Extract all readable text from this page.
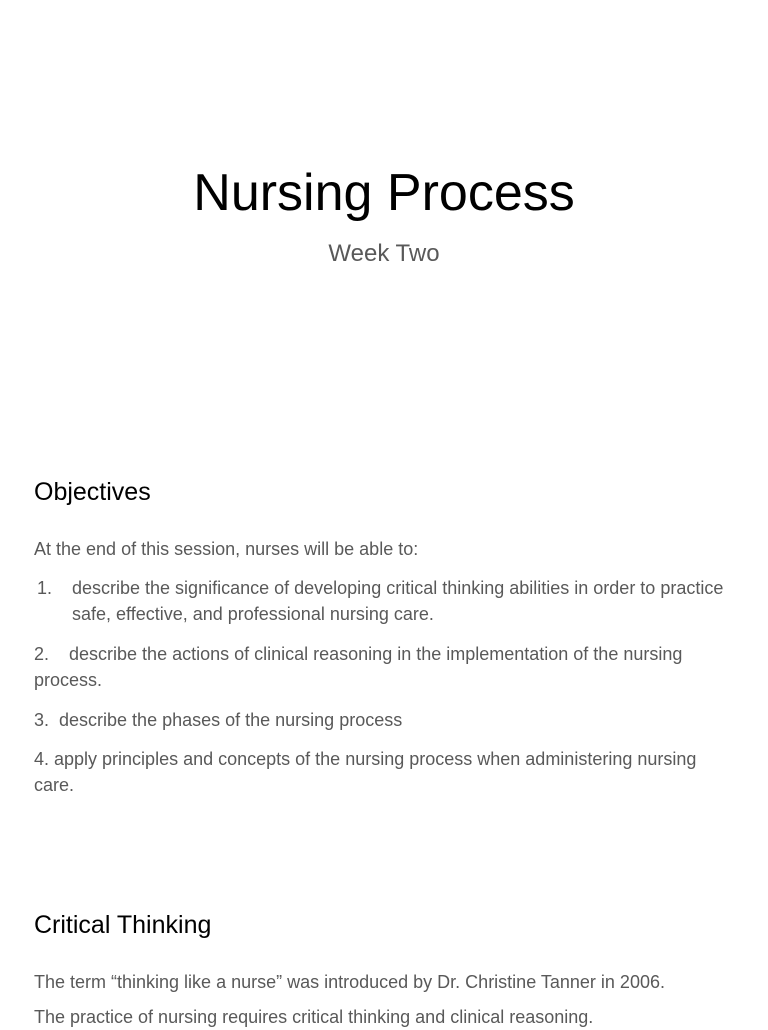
Nursing Process

Week Two

Objectives

At the end of this session, nurses will be able to:

1.	describe the significance of developing critical thinking abilities in order to practice safe, effective, and professional nursing care.

2.    describe the actions of clinical reasoning in the implementation of the nursing process.

3.  describe the phases of the nursing process

4. apply principles and concepts of the nursing process when administering nursing care.

Critical Thinking

The term “thinking like a nurse” was introduced by Dr. Christine Tanner in 2006.

The practice of nursing requires critical thinking and clinical reasoning.
